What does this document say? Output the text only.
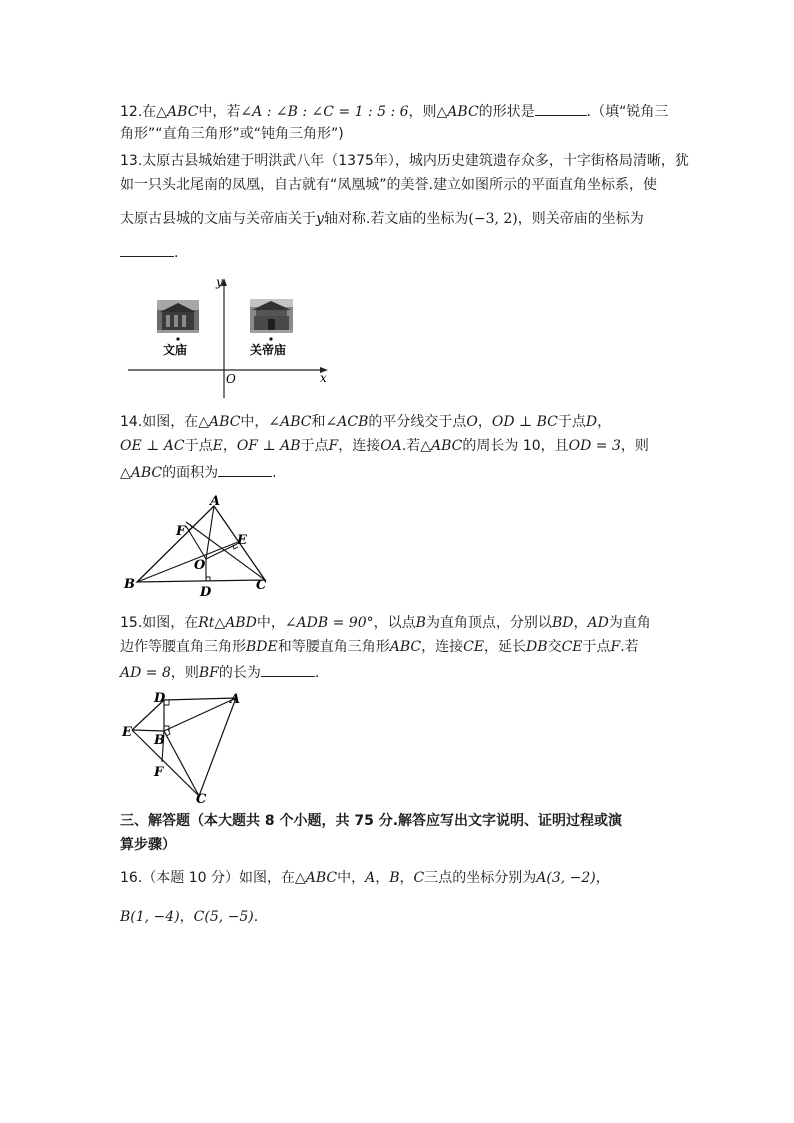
12.在△ABC中，若∠A : ∠B : ∠C = 1 : 5 : 6，则△ABC的形状是	.（填“锐角三
角形”“直角三角形”或“钝角三角形”)
13.太原古县城始建于明洪武八年（1375年），城内历史建筑遗存众多，十字街格局清晰，犹
如一只头北尾南的凤凰，自古就有“凤凰城”的美誉.建立如图所示的平面直角坐标系，使
太原古县城的文庙与关帝庙关于y轴对称.若文庙的坐标为(−3, 2)，则关帝庙的坐标为
.
x
y
O
文庙	关帝庙
14.如图，在△ABC中，∠ABC和∠ACB的平分线交于点O，OD ⊥ BC于点D，
OE ⊥ AC于点E，OF ⊥ AB于点F，连接OA.若△ABC的周长为 10，且OD = 3，则
△ABC的面积为	.
A
B	C
D
E
F
O
15.如图，在Rt△ABD中，∠ADB = 90°，以点B为直角顶点，分别以BD，AD为直角
边作等腰直角三角形BDE和等腰直角三角形ABC，连接CE，延长DB交CE于点F.若
AD = 8，则BF的长为	.
D	A
E
B
F
C
三、解答题（本大题共 8 个小题，共 75 分.解答应写出文字说明、证明过程或演
算步骤）
16.（本题 10 分）如图，在△ABC中，A，B，C三点的坐标分别为A(3, −2)，
B(1, −4)，C(5, −5).
